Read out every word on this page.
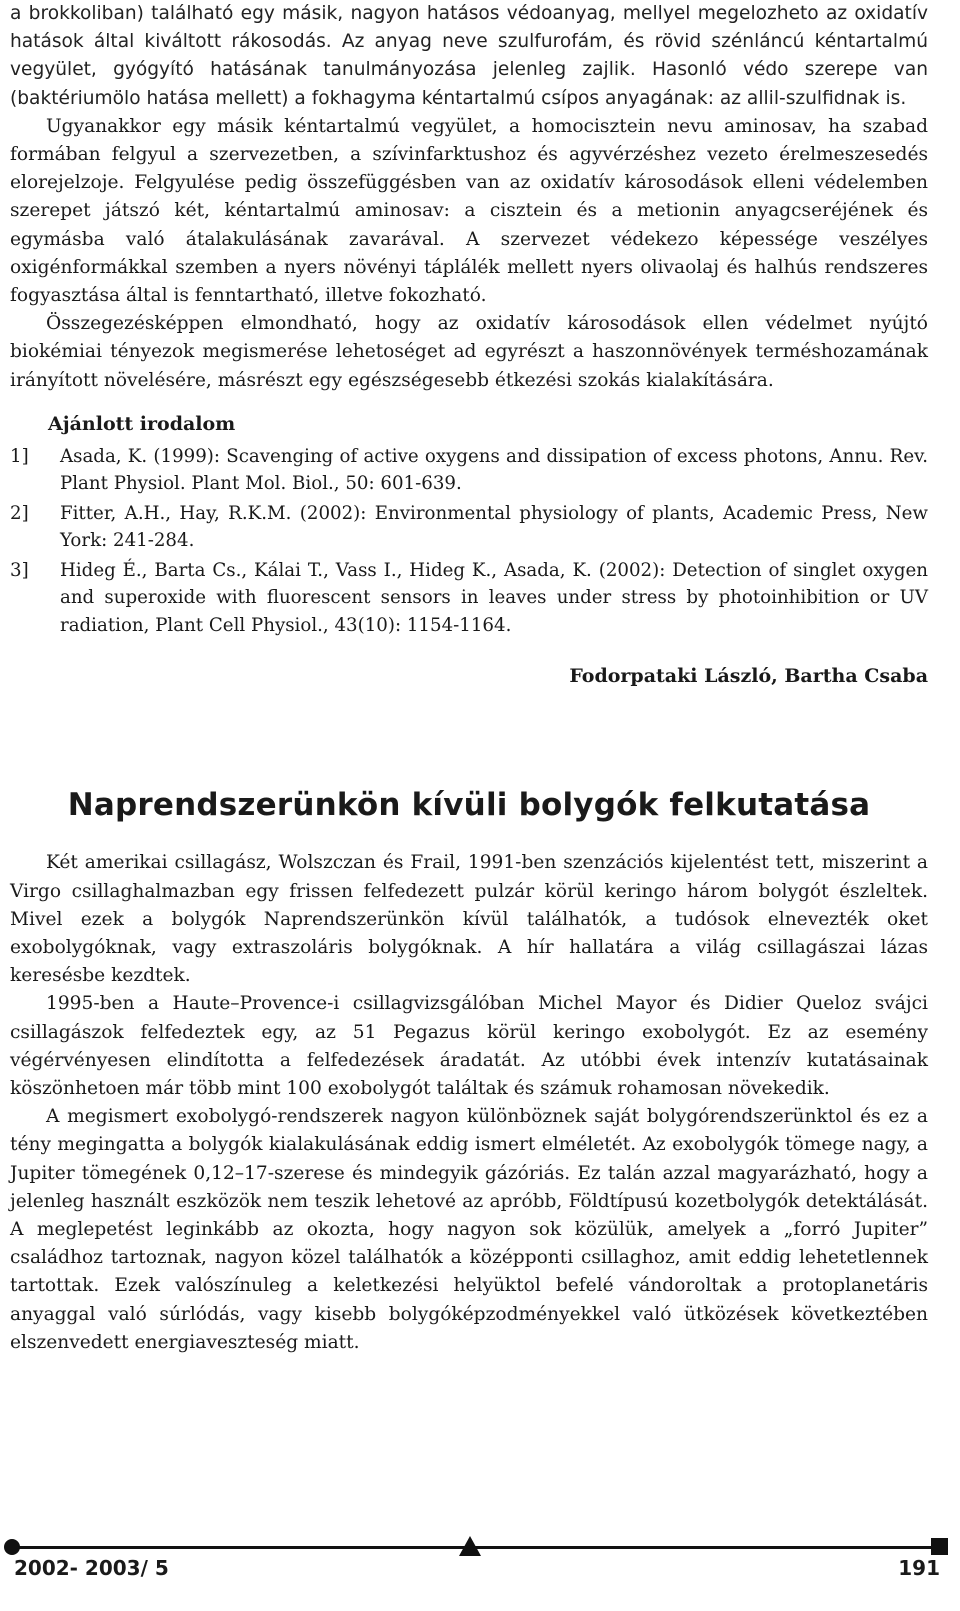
a brokkoliban) található egy másik, nagyon hatásos védoanyag, mellyel megelozheto az oxidatív hatások által kiváltott rákosodás. Az anyag neve szulfurofám, és rövid szénláncú kéntartalmú vegyület, gyógyító hatásának tanulmányozása jelenleg zajlik. Hasonló védo szerepe van (baktériumölo hatása mellett) a fokhagyma kéntartalmú csípos anyagának: az allil-szulfidnak is.

Ugyanakkor egy másik kéntartalmú vegyület, a homocisztein nevu aminosav, ha szabad formában felgyul a szervezetben, a szívinfarktushoz és agyvérzéshez vezeto érelmeszesedés elorejelzoje. Felgyulése pedig összefüggésben van az oxidatív károsodások elleni védelemben szerepet játszó két, kéntartalmú aminosav: a cisztein és a metionin anyagcseréjének és egymásba való átalakulásának zavarával. A szervezet védekezo képessége veszélyes oxigénformákkal szemben a nyers növényi táplálék mellett nyers olivaolaj és halhús rendszeres fogyasztása által is fenntartható, illetve fokozható.

Összegezésképpen elmondható, hogy az oxidatív károsodások ellen védelmet nyújtó biokémiai tényezok megismerése lehetoséget ad egyrészt a haszonnövények terméshozamának irányított növelésére, másrészt egy egészségesebb étkezési szokás kialakítására.

Ajánlott irodalom
1]	Asada, K. (1999): Scavenging of active oxygens and dissipation of excess photons, Annu. Rev. Plant Physiol. Plant Mol. Biol., 50: 601-639.
2]	Fitter, A.H., Hay, R.K.M. (2002): Environmental physiology of plants, Academic Press, New York: 241-284.
3]	Hideg É., Barta Cs., Kálai T., Vass I., Hideg K., Asada, K. (2002): Detection of singlet oxygen and superoxide with fluorescent sensors in leaves under stress by photoinhibition or UV radiation, Plant Cell Physiol., 43(10): 1154-1164.
Fodorpataki László, Bartha Csaba
Naprendszerünkön kívüli bolygók felkutatása

Két amerikai csillagász, Wolszczan és Frail, 1991-ben szenzációs kijelentést tett, miszerint a Virgo csillaghalmazban egy frissen felfedezett pulzár körül keringo három bolygót észleltek. Mivel ezek a bolygók Naprendszerünkön kívül találhatók, a tudósok elnevezték oket exobolygóknak, vagy extraszoláris bolygóknak. A hír hallatára a világ csillagászai lázas keresésbe kezdtek.

1995-ben a Haute–Provence-i csillagvizsgálóban Michel Mayor és Didier Queloz svájci csillagászok felfedeztek egy, az 51 Pegazus körül keringo exobolygót. Ez az esemény végérvényesen elindította a felfedezések áradatát. Az utóbbi évek intenzív kutatásainak köszönhetoen már több mint 100 exobolygót találtak és számuk rohamosan növekedik.

A megismert exobolygó-rendszerek nagyon különböznek saját bolygórendszerünktol és ez a tény megingatta a bolygók kialakulásának eddig ismert elméletét. Az exobolygók tömege nagy, a Jupiter tömegének 0,12–17-szerese és mindegyik gázóriás. Ez talán azzal magyarázható, hogy a jelenleg használt eszközök nem teszik lehetové az apróbb, Földtípusú kozetbolygók detektálását. A meglepetést leginkább az okozta, hogy nagyon sok közülük, amelyek a „forró Jupiter” családhoz tartoznak, nagyon közel találhatók a középponti csillaghoz, amit eddig lehetetlennek tartottak. Ezek valószínuleg a keletkezési helyüktol befelé vándoroltak a protoplanetáris anyaggal való súrlódás, vagy kisebb bolygóképzodményekkel való ütközések következtében elszenvedett energiaveszteség miatt.

2002- 2003/ 5	191
